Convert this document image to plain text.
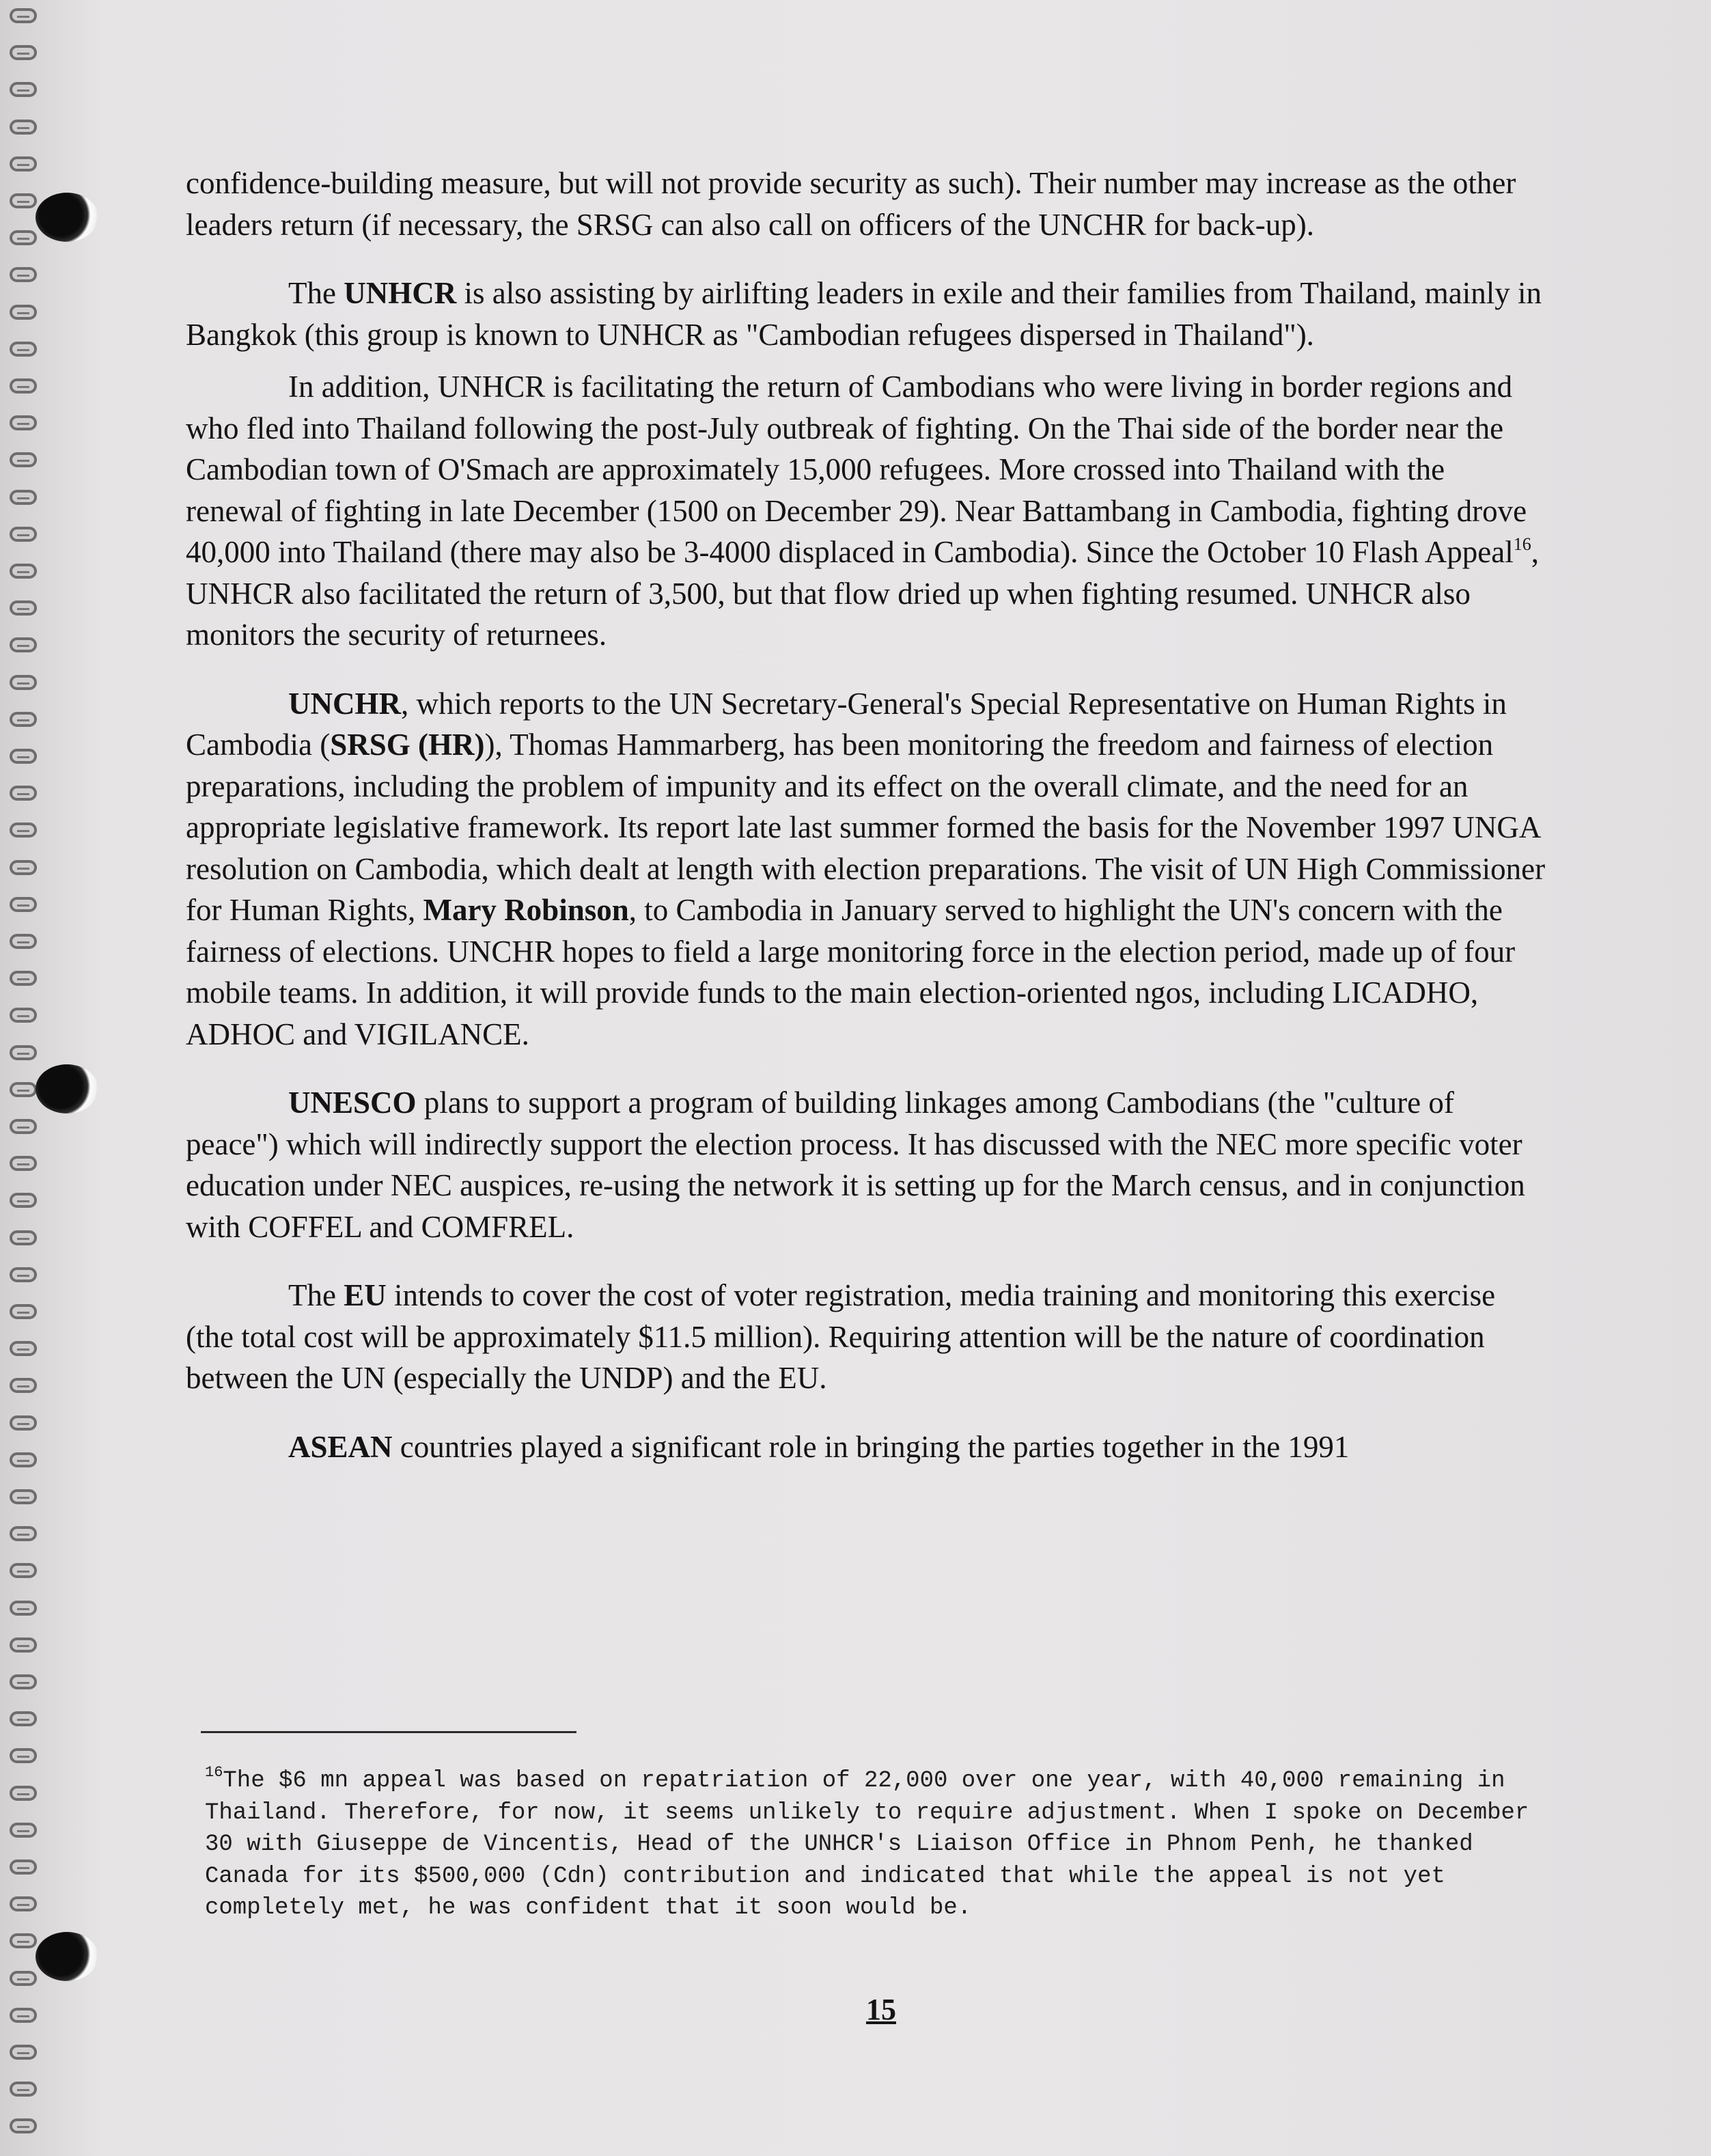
confidence-building measure, but will not provide security as such). Their number may increase as the other leaders return (if necessary, the SRSG can also call on officers of the UNCHR for back-up).

The UNHCR is also assisting by airlifting leaders in exile and their families from Thailand, mainly in Bangkok (this group is known to UNHCR as "Cambodian refugees dispersed in Thailand").

In addition, UNHCR is facilitating the return of Cambodians who were living in border regions and who fled into Thailand following the post-July outbreak of fighting. On the Thai side of the border near the Cambodian town of O'Smach are approximately 15,000 refugees. More crossed into Thailand with the renewal of fighting in late December (1500 on December 29). Near Battambang in Cambodia, fighting drove 40,000 into Thailand (there may also be 3-4000 displaced in Cambodia). Since the October 10 Flash Appeal$^{16}$, UNHCR also facilitated the return of 3,500, but that flow dried up when fighting resumed. UNHCR also monitors the security of returnees.

UNCHR, which reports to the UN Secretary-General's Special Representative on Human Rights in Cambodia (SRSG (HR)), Thomas Hammarberg, has been monitoring the freedom and fairness of election preparations, including the problem of impunity and its effect on the overall climate, and the need for an appropriate legislative framework. Its report late last summer formed the basis for the November 1997 UNGA resolution on Cambodia, which dealt at length with election preparations. The visit of UN High Commissioner for Human Rights, Mary Robinson, to Cambodia in January served to highlight the UN's concern with the fairness of elections. UNCHR hopes to field a large monitoring force in the election period, made up of four mobile teams. In addition, it will provide funds to the main election-oriented ngos, including LICADHO, ADHOC and VIGILANCE.

UNESCO plans to support a program of building linkages among Cambodians (the "culture of peace") which will indirectly support the election process. It has discussed with the NEC more specific voter education under NEC auspices, re-using the network it is setting up for the March census, and in conjunction with COFFEL and COMFREL.

The EU intends to cover the cost of voter registration, media training and monitoring this exercise (the total cost will be approximately $11.5 million). Requiring attention will be the nature of coordination between the UN (especially the UNDP) and the EU.

ASEAN countries played a significant role in bringing the parties together in the 1991

$^{16}$The $6 mn appeal was based on repatriation of 22,000 over one year, with 40,000 remaining in Thailand. Therefore, for now, it seems unlikely to require adjustment. When I spoke on December 30 with Giuseppe de Vincentis, Head of the UNHCR's Liaison Office in Phnom Penh, he thanked Canada for its $500,000 (Cdn) contribution and indicated that while the appeal is not yet completely met, he was confident that it soon would be.
15
